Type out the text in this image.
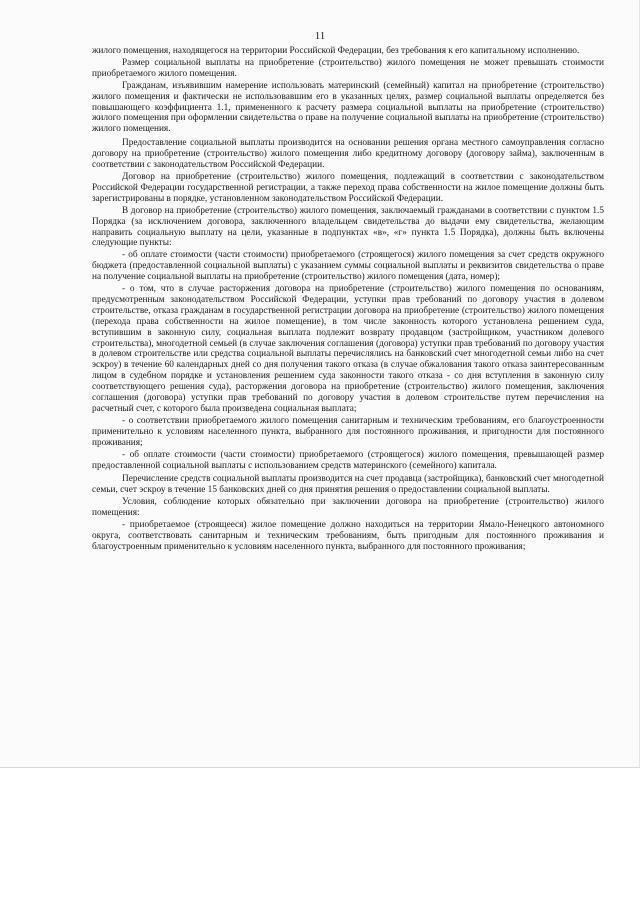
11

жилого помещения, находящегося на территории Российской Федерации, без требования к его капитальному исполнению.

Размер социальной выплаты на приобретение (строительство) жилого помещения не может превышать стоимости приобретаемого жилого помещения.

Гражданам, изъявившим намерение использовать материнский (семейный) капитал на приобретение (строительство) жилого помещения и фактически не использовавшим его в указанных целях, размер социальной выплаты определяется без повышающего коэффициента 1.1, примененного к расчету размера социальной выплаты на приобретение (строительство) жилого помещения при оформлении свидетельства о праве на получение социальной выплаты на приобретение (строительство) жилого помещения.

Предоставление социальной выплаты производится на основании решения органа местного самоуправления согласно договору на приобретение (строительство) жилого помещения либо кредитному договору (договору займа), заключенным в соответствии с законодательством Российской Федерации.

Договор на приобретение (строительство) жилого помещения, подлежащий в соответствии с законодательством Российской Федерации государственной регистрации, а также переход права собственности на жилое помещение должны быть зарегистрированы в порядке, установленном законодательством Российской Федерации.

В договор на приобретение (строительство) жилого помещения, заключаемый гражданами в соответствии с пунктом 1.5 Порядка (за исключением договора, заключенного владельцем свидетельства до выдачи ему свидетельства, желающим направить социальную выплату на цели, указанные в подпунктах «в», «г» пункта 1.5 Порядка), должны быть включены следующие пункты:

- об оплате стоимости (части стоимости) приобретаемого (строящегося) жилого помещения за счет средств окружного бюджета (предоставленной социальной выплаты) с указанием суммы социальной выплаты и реквизитов свидетельства о праве на получение социальной выплаты на приобретение (строительство) жилого помещения (дата, номер);

- о том, что в случае расторжения договора на приобретение (строительство) жилого помещения по основаниям, предусмотренным законодательством Российской Федерации, уступки прав требований по договору участия в долевом строительстве, отказа гражданам в государственной регистрации договора на приобретение (строительство) жилого помещения (перехода права собственности на жилое помещение), в том числе законность которого установлена решением суда, вступившим в законную силу, социальная выплата подлежит возврату продавцом (застройщиком, участником долевого строительства), многодетной семьей (в случае заключения соглашения (договора) уступки прав требований по договору участия в долевом строительстве или средства социальной выплаты перечислялись на банковский счет многодетной семьи либо на счет эскроу) в течение 60 календарных дней со дня получения такого отказа (в случае обжалования такого отказа заинтересованным лицом в судебном порядке и установления решением суда законности такого отказа - со дня вступления в законную силу соответствующего решения суда), расторжения договора на приобретение (строительство) жилого помещения, заключения соглашения (договора) уступки прав требований по договору участия в долевом строительстве путем перечисления на расчетный счет, с которого была произведена социальная выплата;

- о соответствии приобретаемого жилого помещения санитарным и техническим требованиям, его благоустроенности применительно к условиям населенного пункта, выбранного для постоянного проживания, и пригодности для постоянного проживания;

- об оплате стоимости (части стоимости) приобретаемого (строящегося) жилого помещения, превышающей размер предоставленной социальной выплаты с использованием средств материнского (семейного) капитала.

Перечисление средств социальной выплаты производится на счет продавца (застройщика), банковский счет многодетной семьи, счет эскроу в течение 15 банковских дней со дня принятия решения о предоставлении социальной выплаты.

Условия, соблюдение которых обязательно при заключении договора на приобретение (строительство) жилого помещения:

- приобретаемое (строящееся) жилое помещение должно находиться на территории Ямало-Ненецкого автономного округа, соответствовать санитарным и техническим требованиям, быть пригодным для постоянного проживания и благоустроенным применительно к условиям населенного пункта, выбранного для постоянного проживания;
